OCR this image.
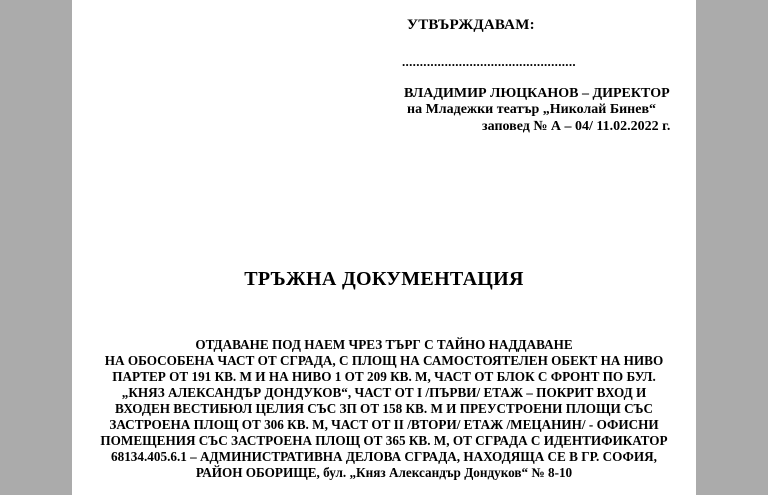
УТВЪРЖДАВАМ:
.................................................
ВЛАДИМИР ЛЮЦКАНОВ – ДИРЕКТОР
на Младежки театър „Николай Бинев“
заповед № А – 04/ 11.02.2022 г.
ТРЪЖНА ДОКУМЕНТАЦИЯ
ОТДАВАНЕ ПОД НАЕМ ЧРЕЗ ТЪРГ С ТАЙНО НАДДАВАНЕ
НА ОБОСОБЕНА ЧАСТ ОТ СГРАДА, С ПЛОЩ НА САМОСТОЯТЕЛЕН ОБЕКТ НА НИВО
ПАРТЕР ОТ 191 КВ. М И НА НИВО 1 ОТ 209 КВ. М, ЧАСТ ОТ БЛОК С ФРОНТ ПО БУЛ.
„КНЯЗ АЛЕКСАНДЪР ДОНДУКОВ“, ЧАСТ ОТ I /ПЪРВИ/ ЕТАЖ – ПОКРИТ ВХОД И
ВХОДЕН ВЕСТИБЮЛ ЦЕЛИЯ СЪС ЗП ОТ 158 КВ. М И ПРЕУСТРОЕНИ ПЛОЩИ СЪС
ЗАСТРОЕНА ПЛОЩ ОТ 306 КВ. М, ЧАСТ ОТ II /ВТОРИ/ ЕТАЖ /МЕЦАНИН/ - ОФИСНИ
ПОМЕЩЕНИЯ СЪС ЗАСТРОЕНА ПЛОЩ ОТ 365 КВ. М, ОТ СГРАДА С ИДЕНТИФИКАТОР
68134.405.6.1 – АДМИНИСТРАТИВНА ДЕЛОВА СГРАДА, НАХОДЯЩА СЕ В ГР. СОФИЯ,
РАЙОН ОБОРИЩЕ, бул. „Княз Александър Дондуков“ № 8-10
